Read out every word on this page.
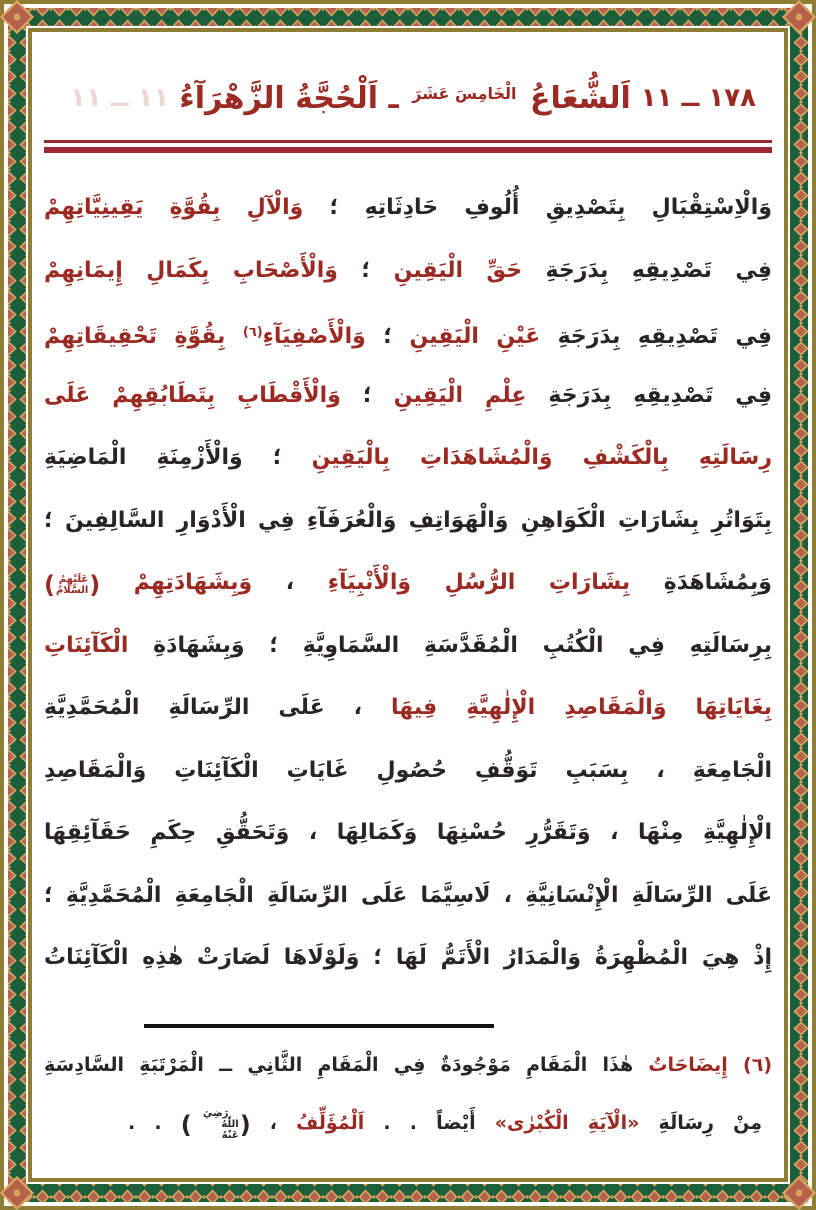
١٧٨ ــ ١١
اَلشُّعَاعُ $^{الْخَامِسَ عَشَرَ}$ ـ اَلْحُجَّةُ الزَّهْرَآءُ
١١ ــ ١١
وَالْاِسْتِقْبَالِ بِتَصْدِيقِ أُلُوفِ حَادِثَاتِهِ ؛ وَالْآلِ بِقُوَّةِ يَقِينِيَّاتِهِمْ
فِي تَصْدِيقِهِ بِدَرَجَةِ حَقِّ الْيَقِينِ ؛ وَالْأَصْحَابِ بِكَمَالِ إِيمَانِهِمْ
فِي تَصْدِيقِهِ بِدَرَجَةِ عَيْنِ الْيَقِينِ ؛ وَالْأَصْفِيَآءِ$^{(٦)}$ بِقُوَّةِ تَحْقِيقَاتِهِمْ
فِي تَصْدِيقِهِ بِدَرَجَةِ عِلْمِ الْيَقِينِ ؛ وَالْأَقْطَابِ بِتَطَابُقِهِمْ عَلَى
رِسَالَتِهِ بِالْكَشْفِ وَالْمُشَاهَدَاتِ بِالْيَقِينِ ؛ وَالْأَزْمِنَةِ الْمَاضِيَةِ
بِتَوَاتُرِ بِشَارَاتِ الْكَوَاهِنِ وَالْهَوَاتِفِ وَالْعُرَفَآءِ فِي الْأَدْوَارِ السَّالِفِينَ ؛
وَبِمُشَاهَدَةِ بِشَارَاتِ الرُّسُلِ وَالْأَنْبِيَآءِ ، وَبِشَهَادَتِهِمْ
(
عَلَيْهِمُ
السَّلَامُ
)
بِرِسَالَتِهِ فِي الْكُتُبِ الْمُقَدَّسَةِ السَّمَاوِيَّةِ ؛ وَبِشَهَادَةِ الْكَآئِنَاتِ
بِغَايَاتِهَا وَالْمَقَاصِدِ الْإِلٰهِيَّةِ فِيهَا ، عَلَى الرِّسَالَةِ الْمُحَمَّدِيَّةِ
الْجَامِعَةِ ، بِسَبَبِ تَوَقُّفِ حُصُولِ غَايَاتِ الْكَآئِنَاتِ وَالْمَقَاصِدِ
الْإِلٰهِيَّةِ مِنْهَا ، وَتَقَرُّرِ حُسْنِهَا وَكَمَالِهَا ، وَتَحَقُّقِ حِكَمِ حَقَآئِقِهَا
عَلَى الرِّسَالَةِ الْإِنْسَانِيَّةِ ، لَاسِيَّمَا عَلَى الرِّسَالَةِ الْجَامِعَةِ الْمُحَمَّدِيَّةِ ؛
إِذْ هِيَ الْمُظْهِرَةُ وَالْمَدَارُ الْأَتَمُّ لَهَا ؛ وَلَوْلَاهَا لَصَارَتْ هٰذِهِ الْكَآئِنَاتُ
(٦) إِيضَاحَاتُ هٰذَا الْمَقَامِ مَوْجُودَةٌ فِي الْمَقَامِ الثَّانِي ــ الْمَرْتَبَةِ السَّادِسَةِ
مِنْ رِسَالَةِ «الْآيَةِ الْكُبْرٰى» أَيْضاً . . اَلْمُؤَلِّفُ ،
(
رَضِيَ اللّٰهُ
عَنْهُ
)
. .
